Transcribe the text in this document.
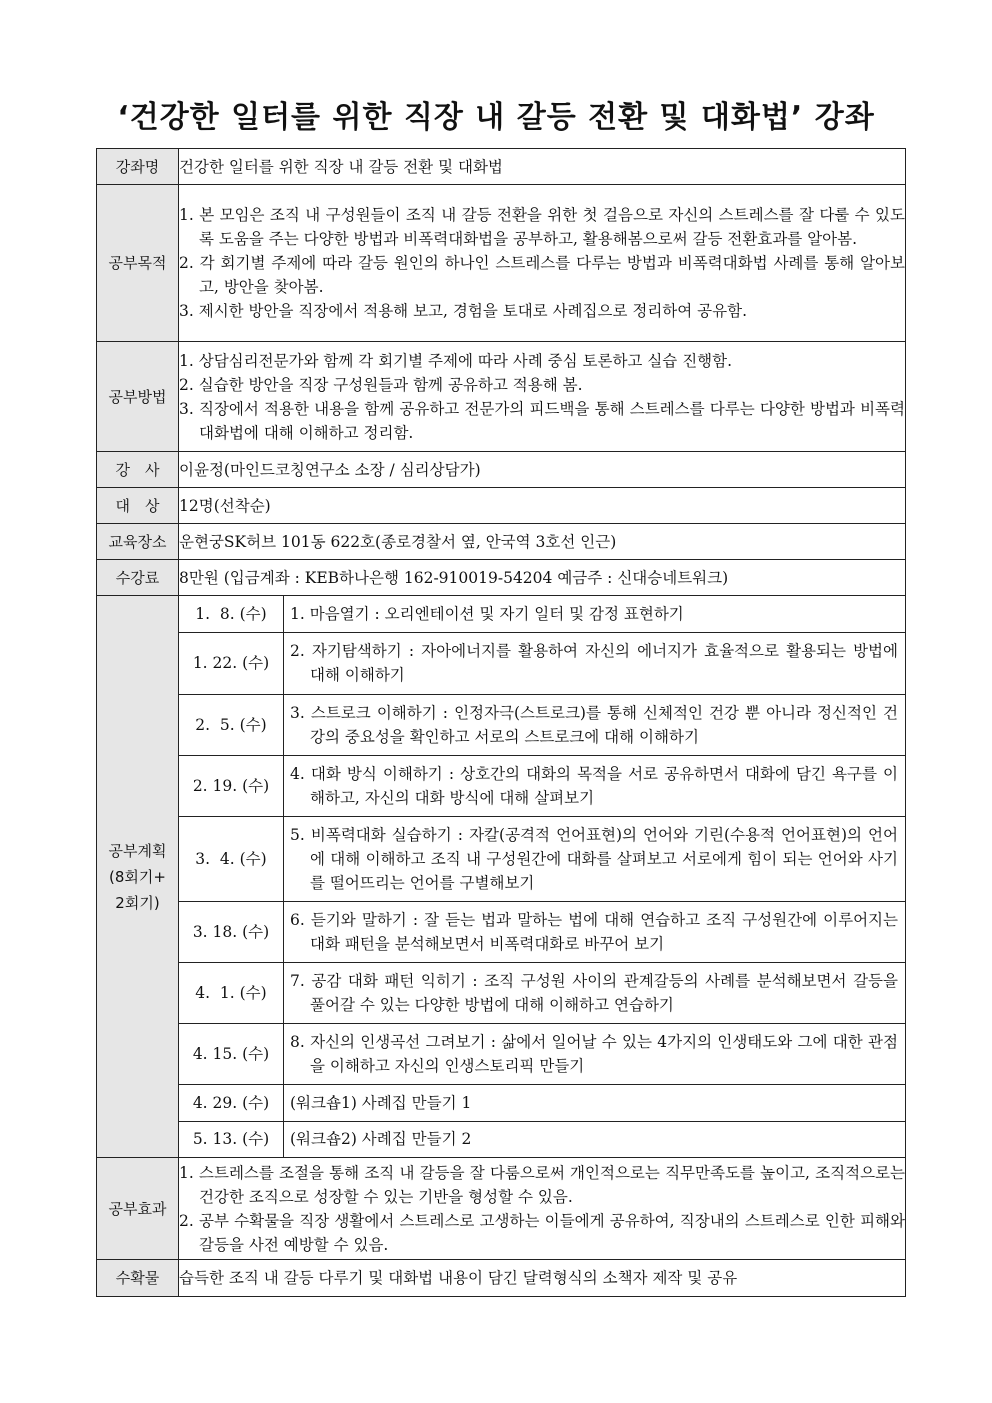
‘건강한 일터를 위한 직장 내 갈등 전환 및 대화법’ 강좌
강좌명	건강한 일터를 위한 직장 내 갈등 전환 및 대화법
공부목적	
1. 본 모임은 조직 내 구성원들이 조직 내 갈등 전환을 위한 첫 걸음으로 자신의 스트레스를 잘 다룰 수 있도록 도움을 주는 다양한 방법과 비폭력대화법을 공부하고, 활용해봄으로써 갈등 전환효과를 알아봄.
2. 각 회기별 주제에 따라 갈등 원인의 하나인 스트레스를 다루는 방법과 비폭력대화법 사례를 통해 알아보고, 방안을 찾아봄.
3. 제시한 방안을 직장에서 적용해 보고, 경험을 토대로 사례집으로 정리하여 공유함.

공부방법	
1. 상담심리전문가와 함께 각 회기별 주제에 따라 사례 중심 토론하고 실습 진행함.
2. 실습한 방안을 직장 구성원들과 함께 공유하고 적용해 봄.
3. 직장에서 적용한 내용을 함께 공유하고 전문가의 피드백을 통해 스트레스를 다루는 다양한 방법과 비폭력대화법에 대해 이해하고 정리함.

강　사	이윤정(마인드코칭연구소 소장 / 심리상담가)
대　상	12명(선착순)
교육장소	운현궁SK허브 101동 622호(종로경찰서 옆, 안국역 3호선 인근)
수강료	8만원 (입금계좌 : KEB하나은행 162-910019-54204 예금주 : 신대승네트워크)

공부계획
(8회기+
2회기)

1.  8. (수)	1. 마음열기 : 오리엔테이션 및 자기 일터 및 감정 표현하기

1. 22. (수)	
2. 자기탐색하기 : 자아에너지를 활용하여 자신의 에너지가 효율적으로 활용되는 방법에 대해 이해하기

2.  5. (수)	
3. 스트로크 이해하기 : 인정자극(스트로크)를 통해 신체적인 건강 뿐 아니라 정신적인 건강의 중요성을 확인하고 서로의 스트로크에 대해 이해하기

2. 19. (수)	
4. 대화 방식 이해하기 : 상호간의 대화의 목적을 서로 공유하면서 대화에 담긴 욕구를 이해하고, 자신의 대화 방식에 대해 살펴보기

3.  4. (수)	
5. 비폭력대화 실습하기 : 자칼(공격적 언어표현)의 언어와 기린(수용적 언어표현)의 언어에 대해 이해하고 조직 내 구성원간에 대화를 살펴보고 서로에게 힘이 되는 언어와 사기를 떨어뜨리는 언어를 구별해보기

3. 18. (수)	
6. 듣기와 말하기 : 잘 듣는 법과 말하는 법에 대해 연습하고 조직 구성원간에 이루어지는 대화 패턴을 분석해보면서 비폭력대화로 바꾸어 보기

4.  1. (수)	
7. 공감 대화 패턴 익히기 : 조직 구성원 사이의 관계갈등의 사례를 분석해보면서 갈등을 풀어갈 수 있는 다양한 방법에 대해 이해하고 연습하기

4. 15. (수)	
8. 자신의 인생곡선 그려보기 : 삶에서 일어날 수 있는 4가지의 인생태도와 그에 대한 관점을 이해하고 자신의 인생스토리픽 만들기

4. 29. (수)	(워크숍1) 사례집 만들기 1

5. 13. (수)	(워크숍2) 사례집 만들기 2

공부효과	
1. 스트레스를 조절을 통해 조직 내 갈등을 잘 다룸으로써 개인적으로는 직무만족도를 높이고, 조직적으로는 건강한 조직으로 성장할 수 있는 기반을 형성할 수 있음.
2. 공부 수확물을 직장 생활에서 스트레스로 고생하는 이들에게 공유하여, 직장내의 스트레스로 인한 피해와 갈등을 사전 예방할 수 있음.

수확물	습득한 조직 내 갈등 다루기 및 대화법 내용이 담긴 달력형식의 소책자 제작 및 공유
